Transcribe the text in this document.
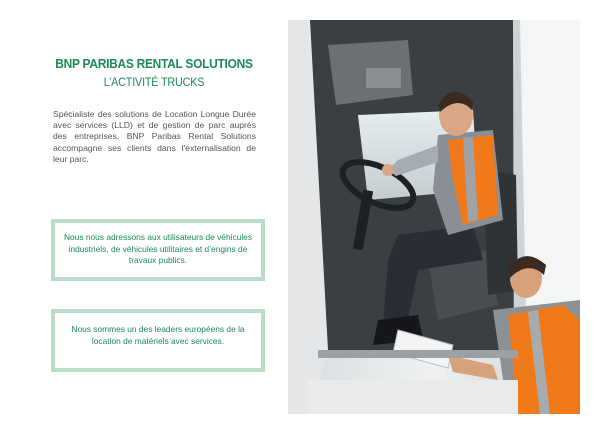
BNP PARIBAS RENTAL SOLUTIONS
L’ACTIVITÉ TRUCKS
Spécialiste des solutions de Location Longue Durée avec services (LLD) et de gestion de parc auprès des entreprises, BNP Paribas Rental Solutions accompagne ses clients dans l’externalisation de leur parc.
Nous nous adressons aux utilisateurs de véhicules industriels, de véhicules utilitaires et d’engins de travaux publics.
Nous sommes un des leaders européens de la location de matériels avec services.
